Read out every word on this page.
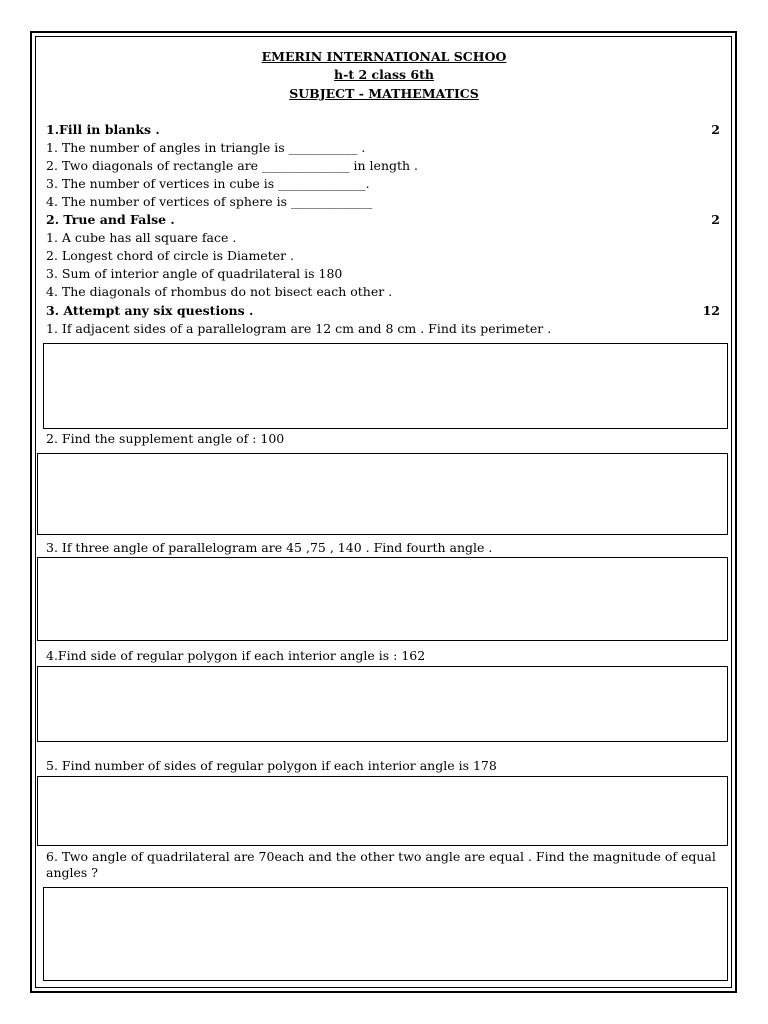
EMERIN INTERNATIONAL SCHOO
h-t 2 class 6th
SUBJECT - MATHEMATICS
1.Fill in blanks .	2
1. The number of angles in triangle is ___________ .
2. Two diagonals of rectangle are ______________ in length .
3. The number of vertices in cube is ______________.
4. The number of vertices of sphere is _____________
2. True and False .	2
1. A cube has all square face .
2. Longest chord of circle is Diameter .
3. Sum of interior angle of quadrilateral is 180
4. The diagonals of rhombus do not bisect each other .
3. Attempt any six questions .	12
1. If adjacent sides of a parallelogram are 12 cm and 8 cm . Find its perimeter .
2. Find the supplement angle of : 100
3. If three angle of parallelogram are 45 ,75 , 140 . Find fourth angle .
4.Find side of regular polygon if each interior angle is : 162
5. Find number of sides of regular polygon if each interior angle is 178
6. Two angle of quadrilateral are 70each and the other two angle are equal . Find the magnitude of equal angles ?
